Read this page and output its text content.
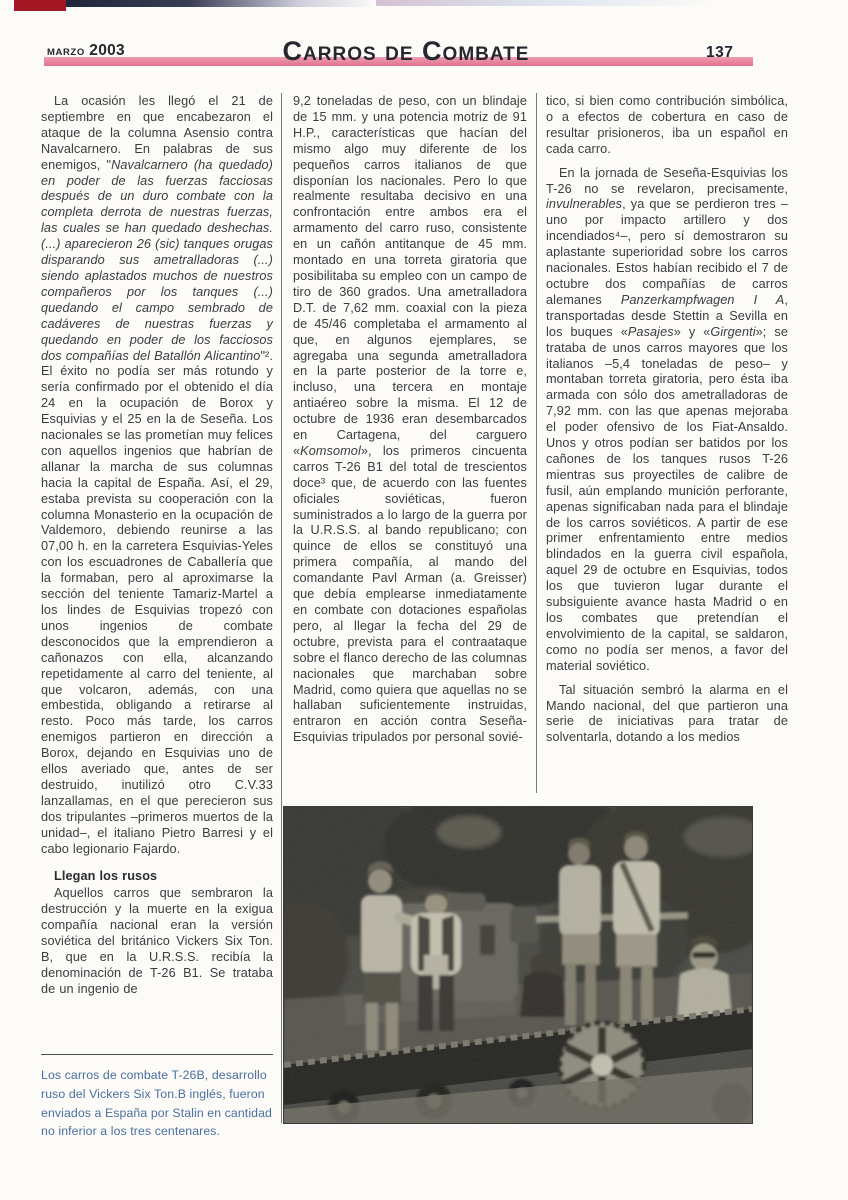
MARZO 2003	Carros de Combate	137

La ocasión les llegó el 21 de septiembre en que encabezaron el ataque de la columna Asensio contra Navalcarnero. En palabras de sus enemigos, "Navalcarnero (ha quedado) en poder de las fuerzas facciosas después de un duro combate con la completa derrota de nuestras fuerzas, las cuales se han quedado deshechas. (...) aparecieron 26 (sic) tanques orugas disparando sus ametralladoras (...) siendo aplastados muchos de nuestros compañeros por los tanques (...) quedando el campo sembrado de cadáveres de nuestras fuerzas y quedando en poder de los facciosos dos compañías del Batallón Alicantino"². El éxito no podía ser más rotundo y sería confirmado por el obtenido el día 24 en la ocupación de Borox y Esquivias y el 25 en la de Seseña. Los nacionales se las prometían muy felices con aquellos ingenios que habrían de allanar la marcha de sus columnas hacia la capital de España. Así, el 29, estaba prevista su cooperación con la columna Monasterio en la ocupación de Valdemoro, debiendo reunirse a las 07,00 h. en la carretera Esquivias-Yeles con los escuadrones de Caballería que la formaban, pero al aproximarse la sección del teniente Tamariz-Martel a los lindes de Esquivias tropezó con unos ingenios de combate desconocidos que la emprendieron a cañonazos con ella, alcanzando repetidamente al carro del teniente, al que volcaron, además, con una embestida, obligando a retirarse al resto. Poco más tarde, los carros enemigos partieron en dirección a Borox, dejando en Esquivias uno de ellos averiado que, antes de ser destruido, inutilizó otro C.V.33 lanzallamas, en el que perecieron sus dos tripulantes –primeros muertos de la unidad–, el italiano Pietro Barresi y el cabo legionario Fajardo.

Llegan los rusos

Aquellos carros que sembraron la destrucción y la muerte en la exigua compañía nacional eran la versión soviética del británico Vickers Six Ton. B, que en la U.R.S.S. recibía la denominación de T-26 B1. Se trataba de un ingenio de

9,2 toneladas de peso, con un blindaje de 15 mm. y una potencia motriz de 91 H.P., características que hacían del mismo algo muy diferente de los pequeños carros italianos de que disponían los nacionales. Pero lo que realmente resultaba decisivo en una confrontación entre ambos era el armamento del carro ruso, consistente en un cañón antitanque de 45 mm. montado en una torreta giratoria que posibilitaba su empleo con un campo de tiro de 360 grados. Una ametralladora D.T. de 7,62 mm. coaxial con la pieza de 45/46 completaba el armamento al que, en algunos ejemplares, se agregaba una segunda ametralladora en la parte posterior de la torre e, incluso, una tercera en montaje antiaéreo sobre la misma. El 12 de octubre de 1936 eran desembarcados en Cartagena, del carguero «Komsomol», los primeros cincuenta carros T-26 B1 del total de trescientos doce³ que, de acuerdo con las fuentes oficiales soviéticas, fueron suministrados a lo largo de la guerra por la U.R.S.S. al bando republicano; con quince de ellos se constituyó una primera compañía, al mando del comandante Pavl Arman (a. Greisser) que debía emplearse inmediatamente en combate con dotaciones españolas pero, al llegar la fecha del 29 de octubre, prevista para el contraataque sobre el flanco derecho de las columnas nacionales que marchaban sobre Madrid, como quiera que aquellas no se hallaban suficientemente instruidas, entraron en acción contra Seseña-Esquivias tripulados por personal sovié-

tico, si bien como contribución simbólica, o a efectos de cobertura en caso de resultar prisioneros, iba un español en cada carro.

En la jornada de Seseña-Esquivias los T-26 no se revelaron, precisamente, invulnerables, ya que se perdieron tres –uno por impacto artillero y dos incendiados⁴–, pero sí demostraron su aplastante superioridad sobre los carros nacionales. Estos habían recibido el 7 de octubre dos compañías de carros alemanes Panzerkampfwagen I A, transportadas desde Stettin a Sevilla en los buques «Pasajes» y «Girgenti»; se trataba de unos carros mayores que los italianos –5,4 toneladas de peso– y montaban torreta giratoria, pero ésta iba armada con sólo dos ametralladoras de 7,92 mm. con las que apenas mejoraba el poder ofensivo de los Fiat-Ansaldo. Unos y otros podían ser batidos por los cañones de los tanques rusos T-26 mientras sus proyectiles de calibre de fusil, aún emplando munición perforante, apenas significaban nada para el blindaje de los carros soviéticos. A partir de ese primer enfrentamiento entre medios blindados en la guerra civil española, aquel 29 de octubre en Esquivias, todos los que tuvieron lugar durante el subsiguiente avance hasta Madrid o en los combates que pretendían el envolvimiento de la capital, se saldaron, como no podía ser menos, a favor del material soviético.

Tal situación sembró la alarma en el Mando nacional, del que partieron una serie de iniciativas para tratar de solventarla, dotando a los medios

Los carros de combate T-26B, desarrollo ruso del Vickers Six Ton.B inglés, fueron enviados a España por Stalin en cantidad no inferior a los tres centenares.
